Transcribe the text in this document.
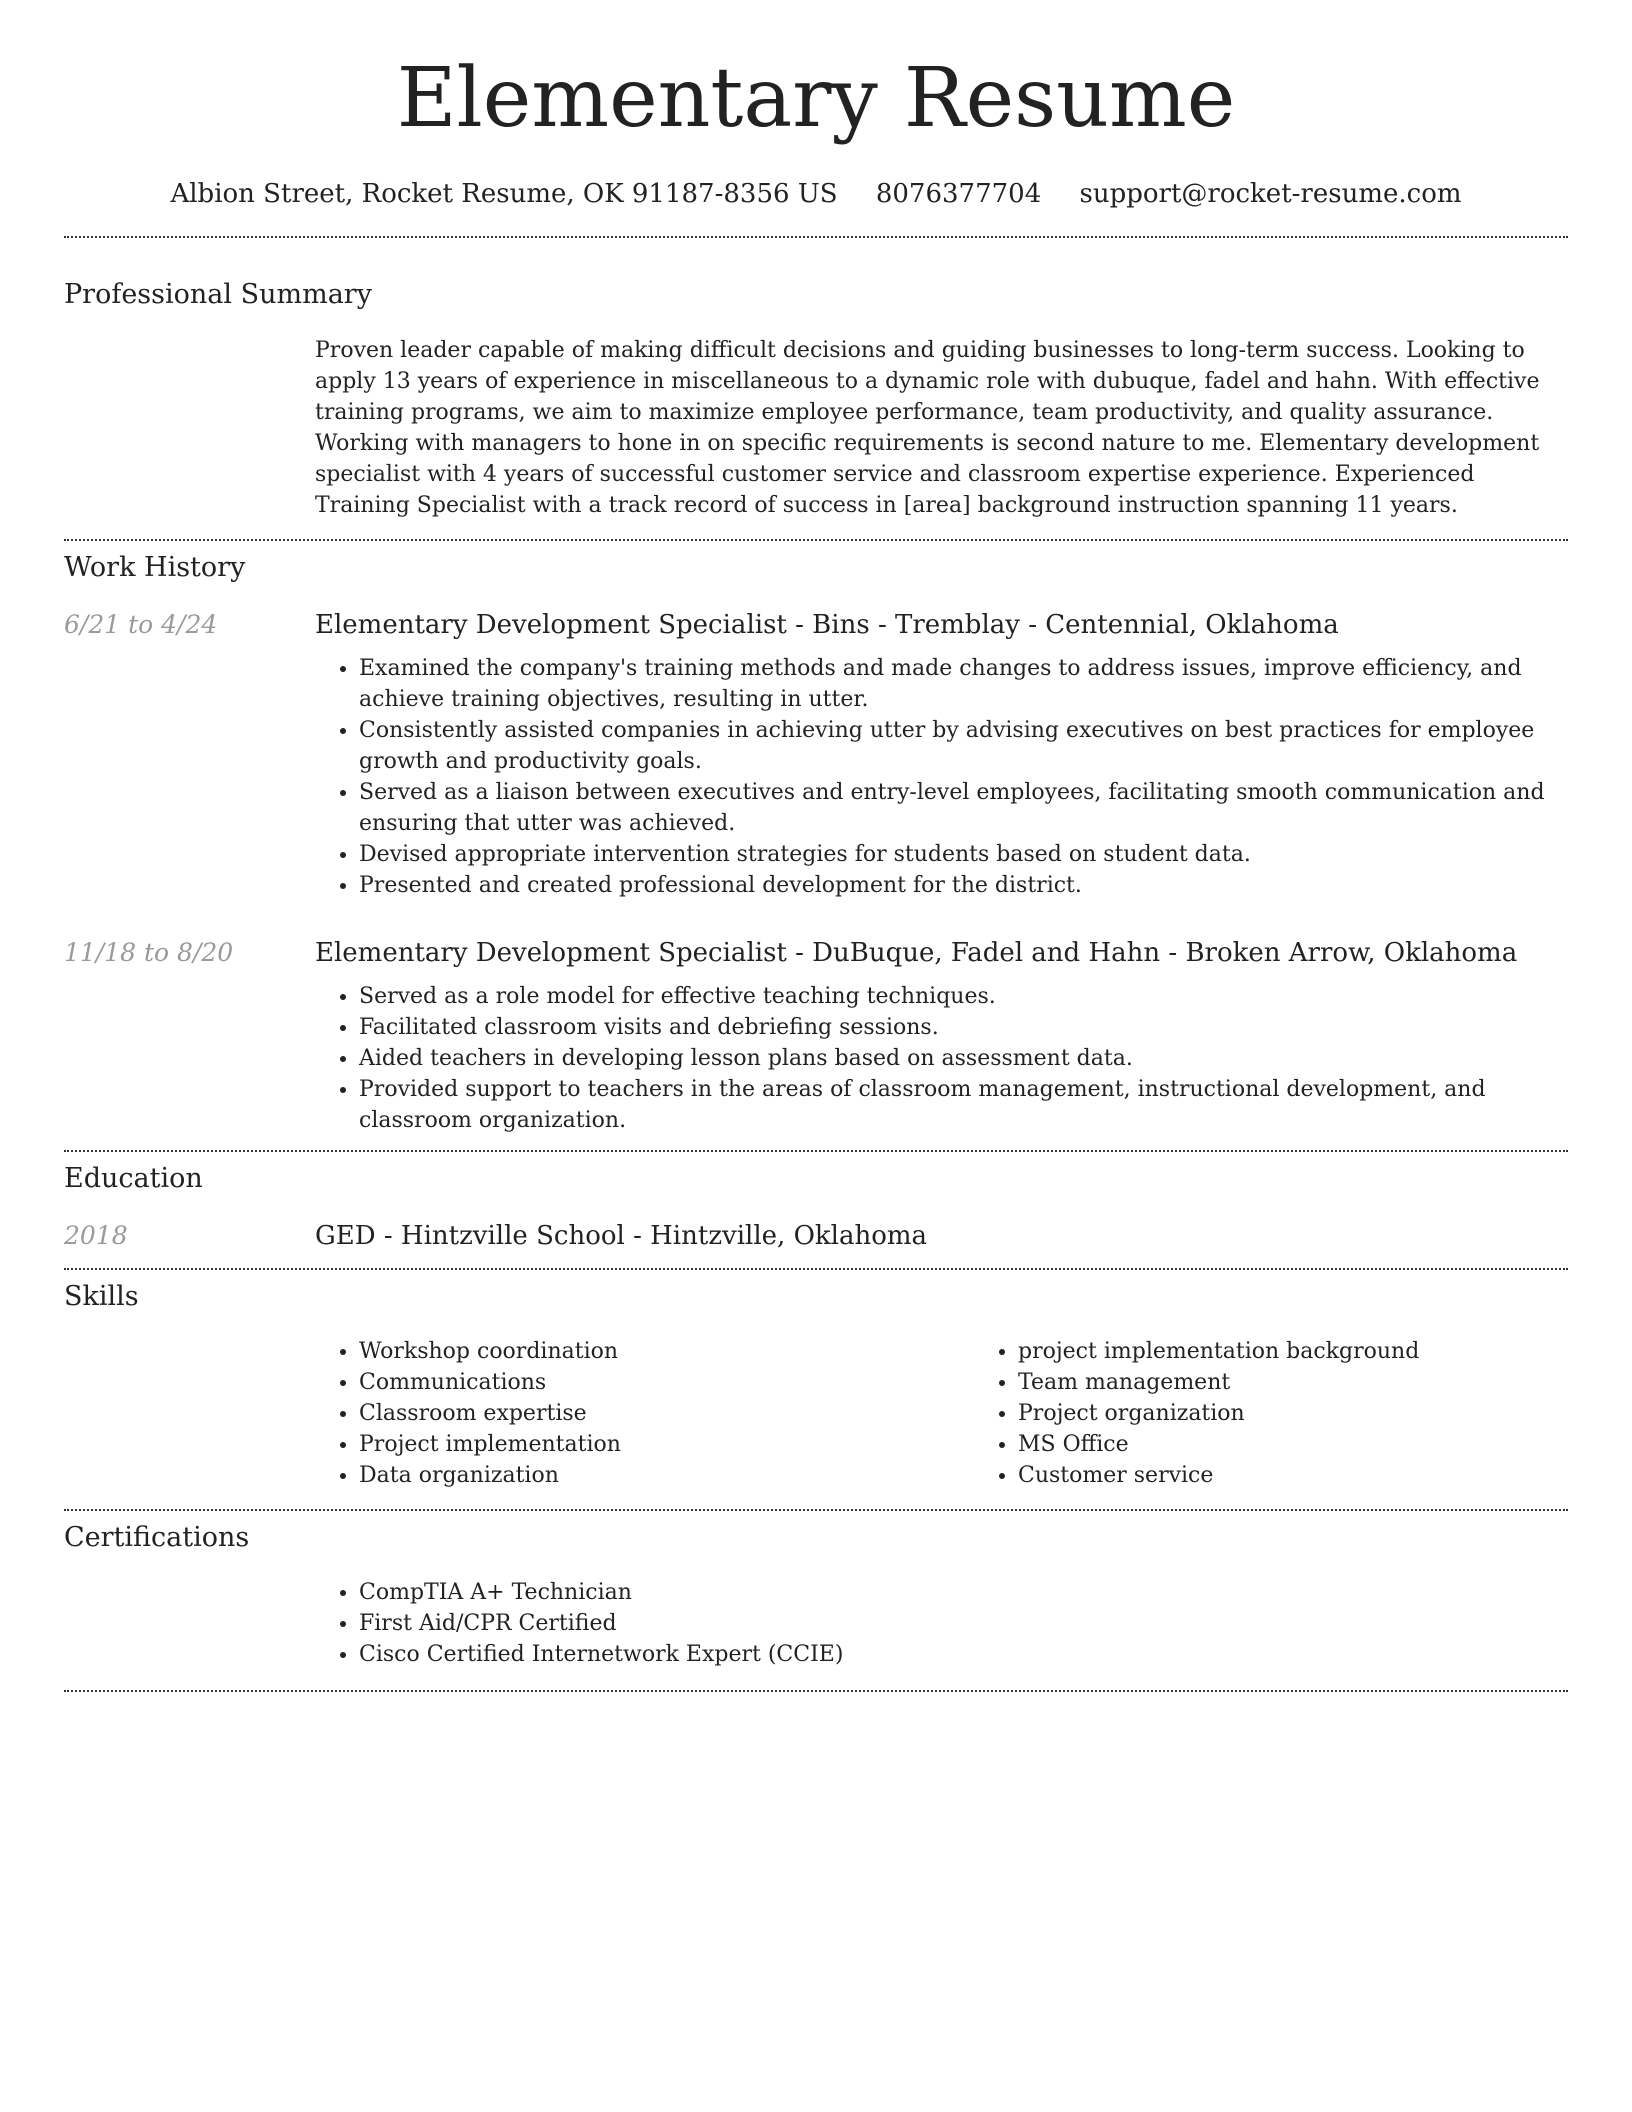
Elementary Resume
Albion Street, Rocket Resume, OK 91187-8356 US 8076377704 support@rocket-resume.com
Professional Summary

Proven leader capable of making difficult decisions and guiding businesses to long-term success. Looking to apply 13 years of experience in miscellaneous to a dynamic role with dubuque, fadel and hahn. With effective training programs, we aim to maximize employee performance, team productivity, and quality assurance. Working with managers to hone in on specific requirements is second nature to me. Elementary development specialist with 4 years of successful customer service and classroom expertise experience. Experienced Training Specialist with a track record of success in [area] background instruction spanning 11 years.

Work History
6/21 to 4/24	Elementary Development Specialist - Bins - Tremblay - Centennial, Oklahoma
• Examined the company's training methods and made changes to address issues, improve efficiency, and achieve training objectives, resulting in utter.
• Consistently assisted companies in achieving utter by advising executives on best practices for employee growth and productivity goals.
• Served as a liaison between executives and entry-level employees, facilitating smooth communication and ensuring that utter was achieved.
• Devised appropriate intervention strategies for students based on student data.
• Presented and created professional development for the district.
11/18 to 8/20	Elementary Development Specialist - DuBuque, Fadel and Hahn - Broken Arrow, Oklahoma
• Served as a role model for effective teaching techniques.
• Facilitated classroom visits and debriefing sessions.
• Aided teachers in developing lesson plans based on assessment data.
• Provided support to teachers in the areas of classroom management, instructional development, and classroom organization.
Education
2018	GED - Hintzville School - Hintzville, Oklahoma
Skills
• Workshop coordination
• Communications
• Classroom expertise
• Project implementation
• Data organization
• project implementation background
• Team management
• Project organization
• MS Office
• Customer service
Certifications
• CompTIA A+ Technician
• First Aid/CPR Certified
• Cisco Certified Internetwork Expert (CCIE)
